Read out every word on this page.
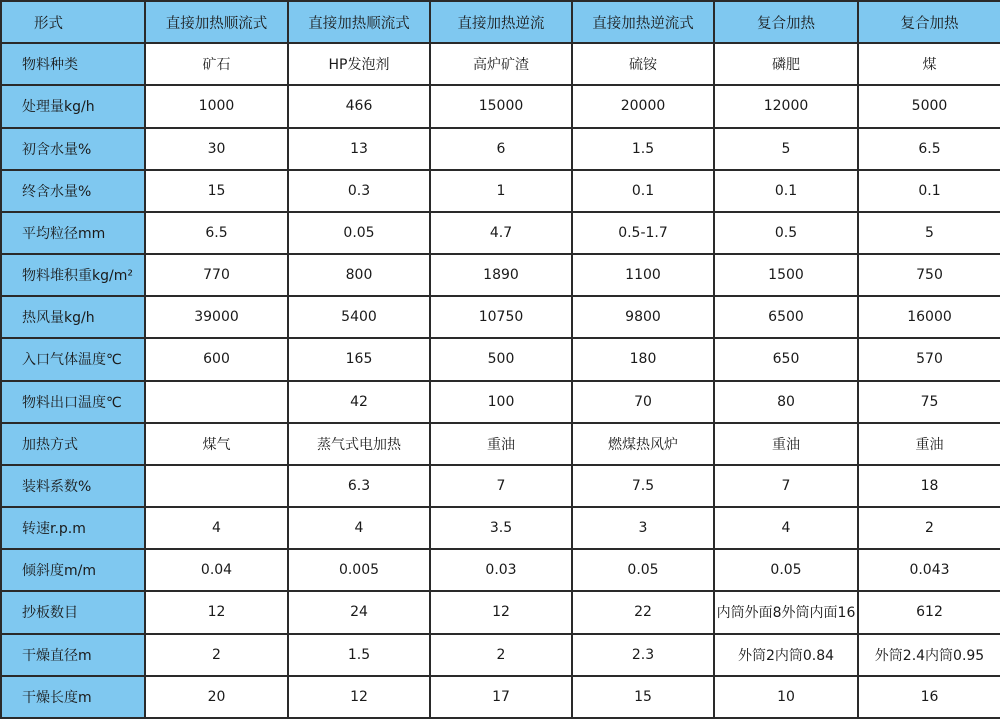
形式	直接加热顺流式	直接加热顺流式	直接加热逆流	直接加热逆流式	复合加热	复合加热
物料种类	矿石	HP发泡剂	高炉矿渣	硫铵	磷肥	煤
处理量kg/h	1000	466	15000	20000	12000	5000
初含水量%	30	13	6	1.5	5	6.5
终含水量%	15	0.3	1	0.1	0.1	0.1
平均粒径mm	6.5	0.05	4.7	0.5-1.7	0.5	5
物料堆积重kg/m²	770	800	1890	1100	1500	750
热风量kg/h	39000	5400	10750	9800	6500	16000
入口气体温度℃	600	165	500	180	650	570
物料出口温度℃		42	100	70	80	75
加热方式	煤气	蒸气式电加热	重油	燃煤热风炉	重油	重油
装料系数%		6.3	7	7.5	7	18
转速r.p.m	4	4	3.5	3	4	2
倾斜度m/m	0.04	0.005	0.03	0.05	0.05	0.043
抄板数目	12	24	12	22	内筒外面8外筒内面16	612
干燥直径m	2	1.5	2	2.3	外筒2内筒0.84	外筒2.4内筒0.95
干燥长度m	20	12	17	15	10	16
